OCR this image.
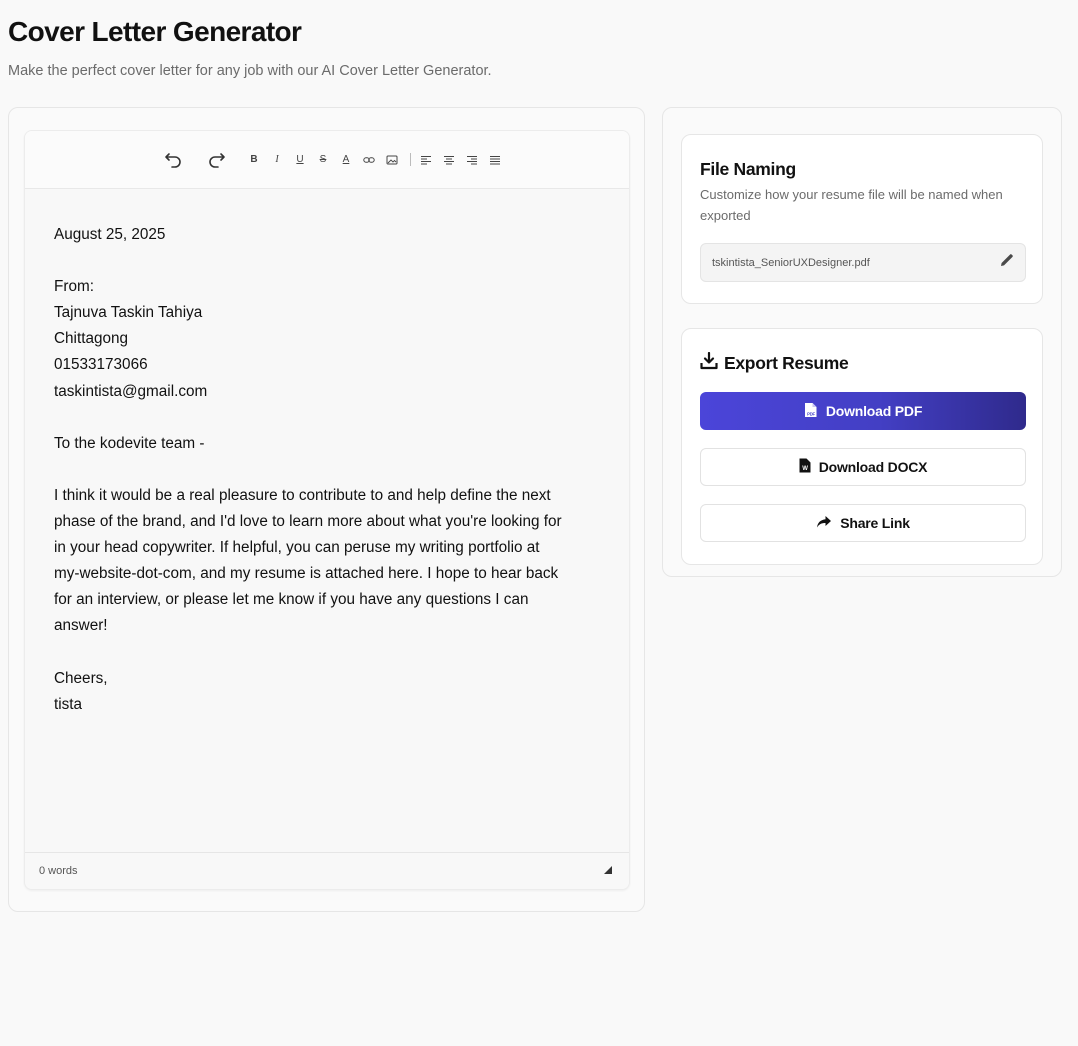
Cover Letter Generator
Make the perfect cover letter for any job with our AI Cover Letter Generator.
B I U S A

August 25, 2025

From:

Tajnuva Taskin Tahiya

Chittagong

01533173066

taskintista@gmail.com

To the kodevite team -

I think it would be a real pleasure to contribute to and help define the next

phase of the brand, and I'd love to learn more about what you're looking for

in your head copywriter. If helpful, you can peruse my writing portfolio at

my-website-dot-com, and my resume is attached here. I hope to hear back

for an interview, or please let me know if you have any questions I can

answer!

Cheers,

tista

0 words
File Naming
Customize how your resume file will be named when exported
tskintista_SeniorUXDesigner.pdf
Export Resume
PDF Download PDF
W Download DOCX
Share Link
